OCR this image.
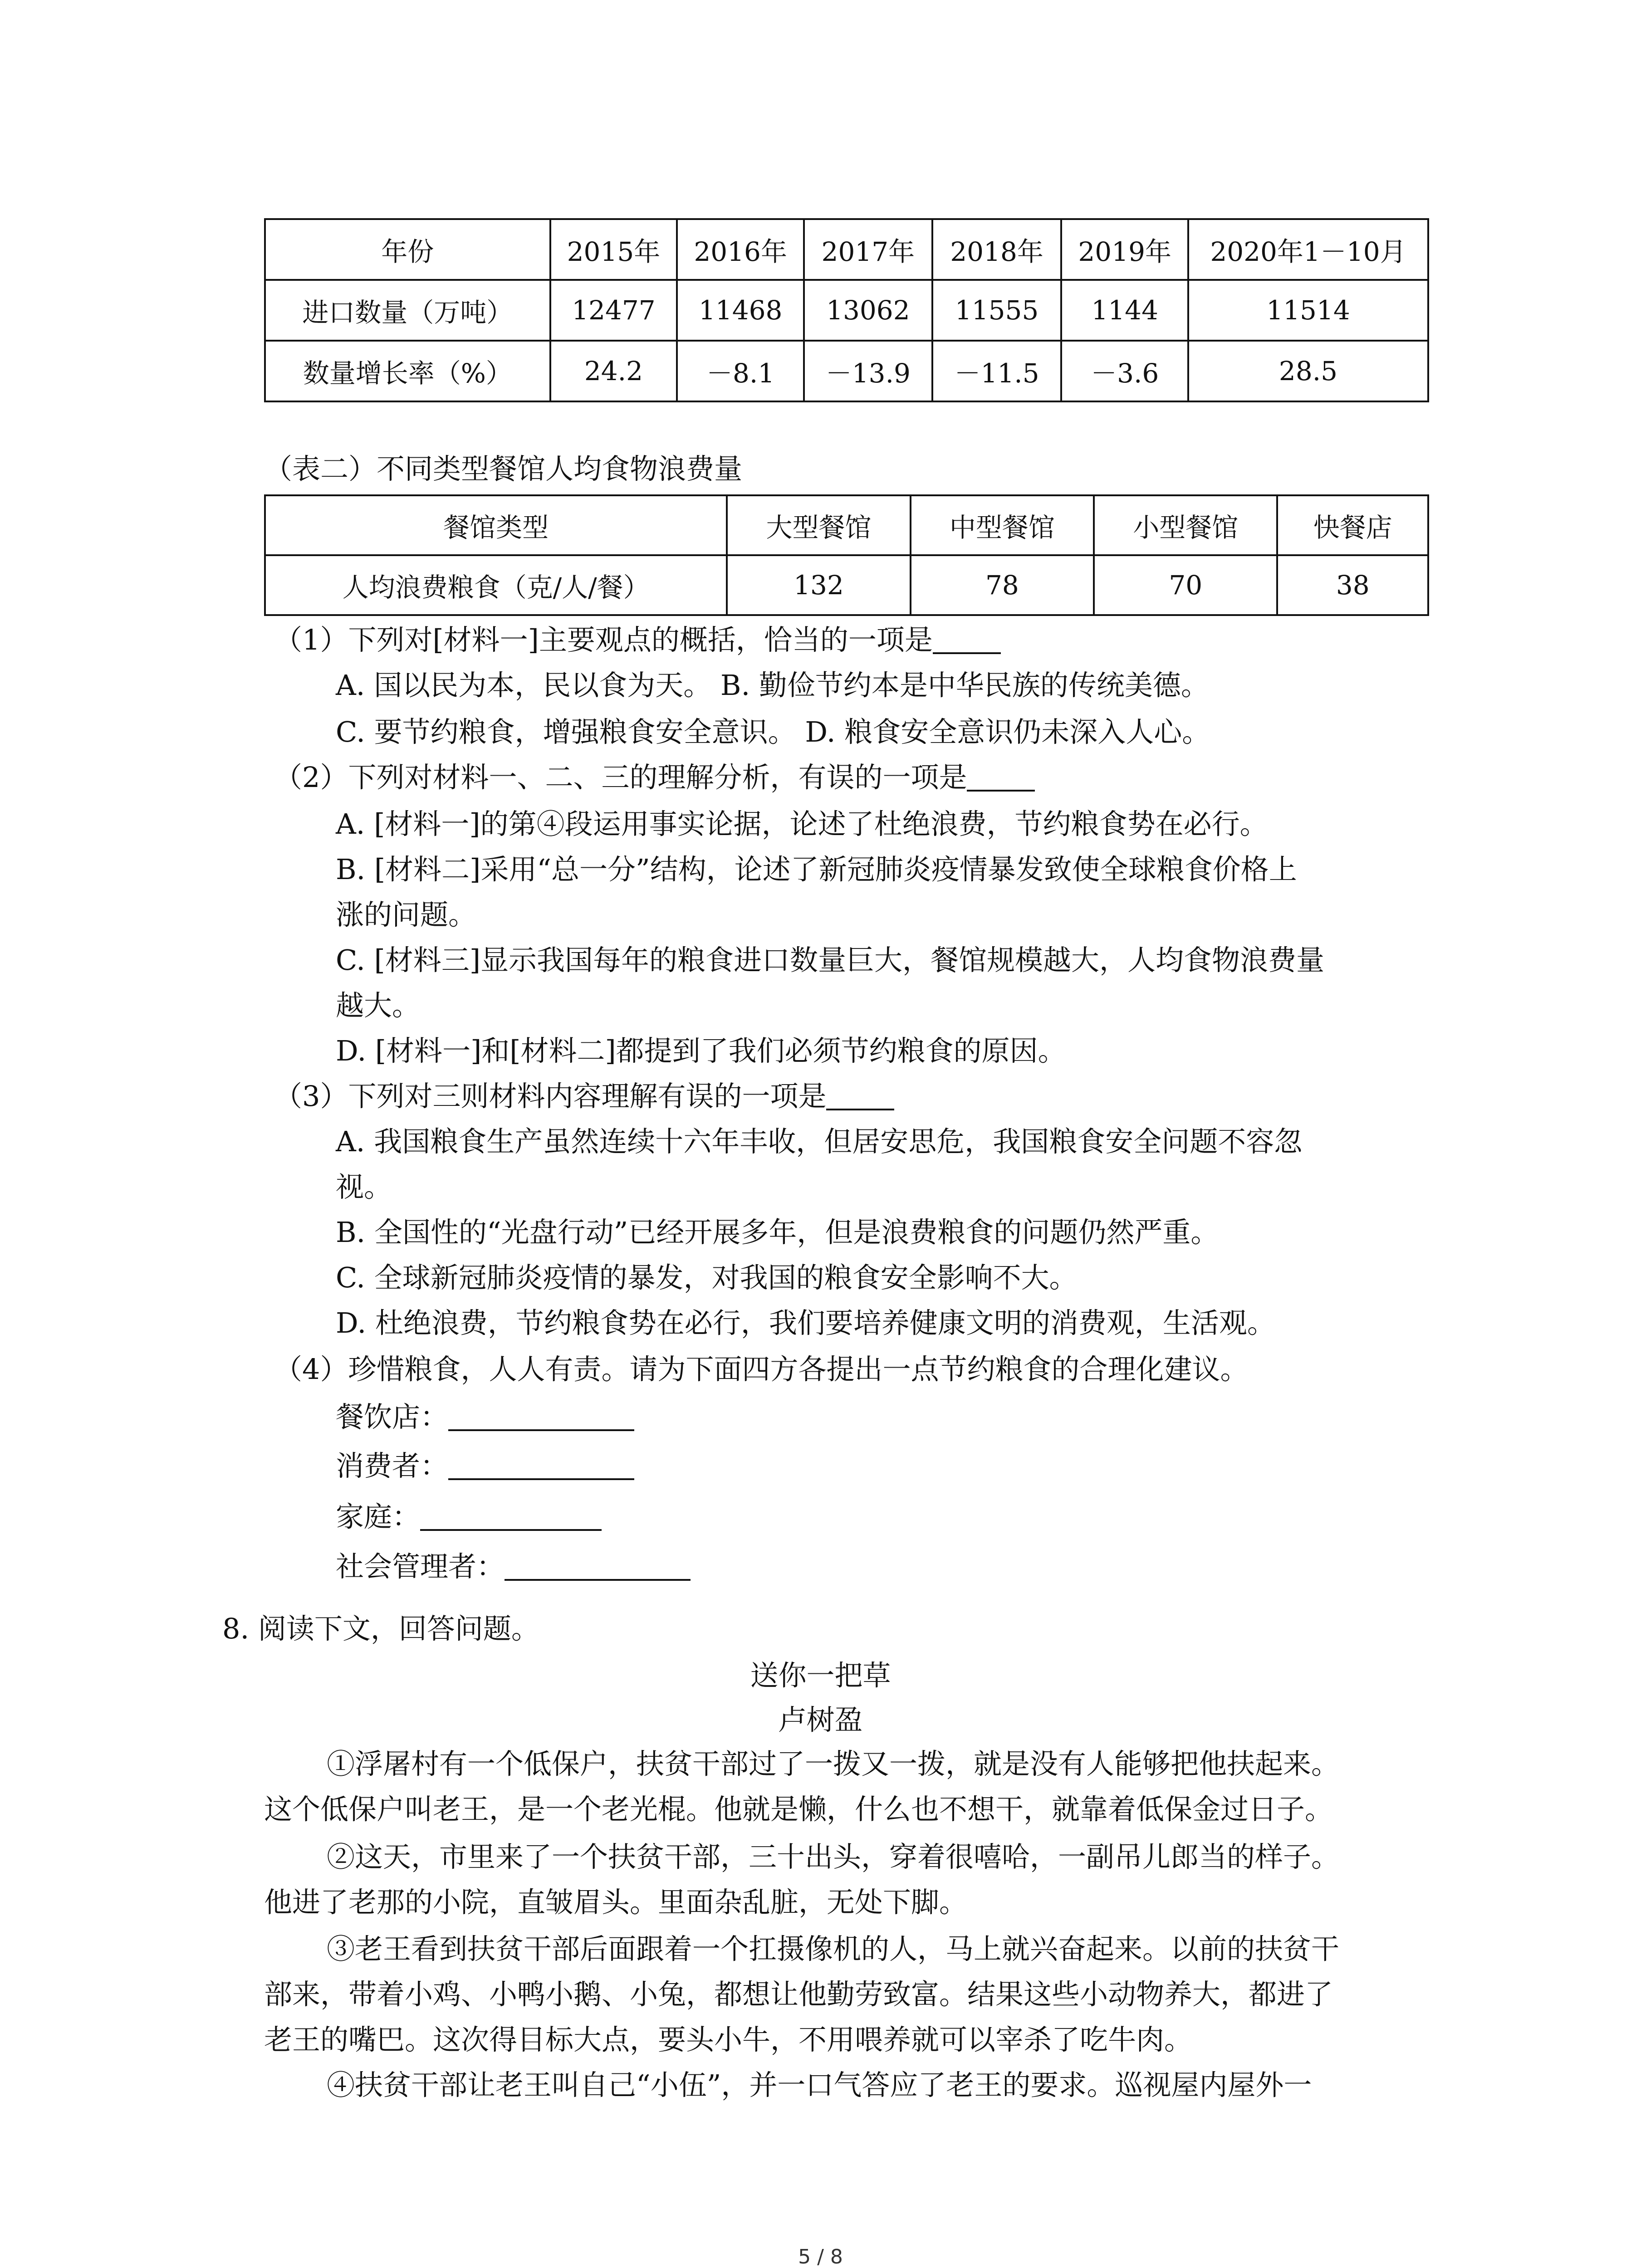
年份	2015年	2016年	2017年	2018年	2019年	2020年1－10月
进口数量（万吨）	12477	11468	13062	11555	1144	11514
数量增长率（%）	24.2	－8.1	－13.9	－11.5	－3.6	28.5
（表二）不同类型餐馆人均食物浪费量
餐馆类型	大型餐馆	中型餐馆	小型餐馆	快餐店
人均浪费粮食（克/人/餐）	132	78	70	38
（1）下列对[材料一]主要观点的概括，恰当的一项是
A. 国以民为本，民以食为天。 B. 勤俭节约本是中华民族的传统美德。
C. 要节约粮食，增强粮食安全意识。 D. 粮食安全意识仍未深入人心。
（2）下列对材料一、二、三的理解分析，有误的一项是
A. [材料一]的第④段运用事实论据，论述了杜绝浪费，节约粮食势在必行。
B. [材料二]采用“总一分”结构，论述了新冠肺炎疫情暴发致使全球粮食价格上
涨的问题。
C. [材料三]显示我国每年的粮食进口数量巨大，餐馆规模越大，人均食物浪费量
越大。
D. [材料一]和[材料二]都提到了我们必须节约粮食的原因。
（3）下列对三则材料内容理解有误的一项是
A. 我国粮食生产虽然连续十六年丰收，但居安思危，我国粮食安全问题不容忽
视。
B. 全国性的“光盘行动”已经开展多年，但是浪费粮食的问题仍然严重。
C. 全球新冠肺炎疫情的暴发，对我国的粮食安全影响不大。
D. 杜绝浪费，节约粮食势在必行，我们要培养健康文明的消费观，生活观。
（4）珍惜粮食，人人有责。请为下面四方各提出一点节约粮食的合理化建议。
餐饮店：
消费者：
家庭：
社会管理者：
8. 阅读下文，回答问题。
送你一把草
卢树盈
①浮屠村有一个低保户，扶贫干部过了一拨又一拨，就是没有人能够把他扶起来。
这个低保户叫老王，是一个老光棍。他就是懒，什么也不想干，就靠着低保金过日子。
②这天，市里来了一个扶贫干部，三十出头，穿着很嘻哈，一副吊儿郎当的样子。
他进了老那的小院，直皱眉头。里面杂乱脏，无处下脚。
③老王看到扶贫干部后面跟着一个扛摄像机的人，马上就兴奋起来。以前的扶贫干
部来，带着小鸡、小鸭小鹅、小兔，都想让他勤劳致富。结果这些小动物养大，都进了
老王的嘴巴。这次得目标大点，要头小牛，不用喂养就可以宰杀了吃牛肉。
④扶贫干部让老王叫自己“小伍”，并一口气答应了老王的要求。巡视屋内屋外一
5 / 8
